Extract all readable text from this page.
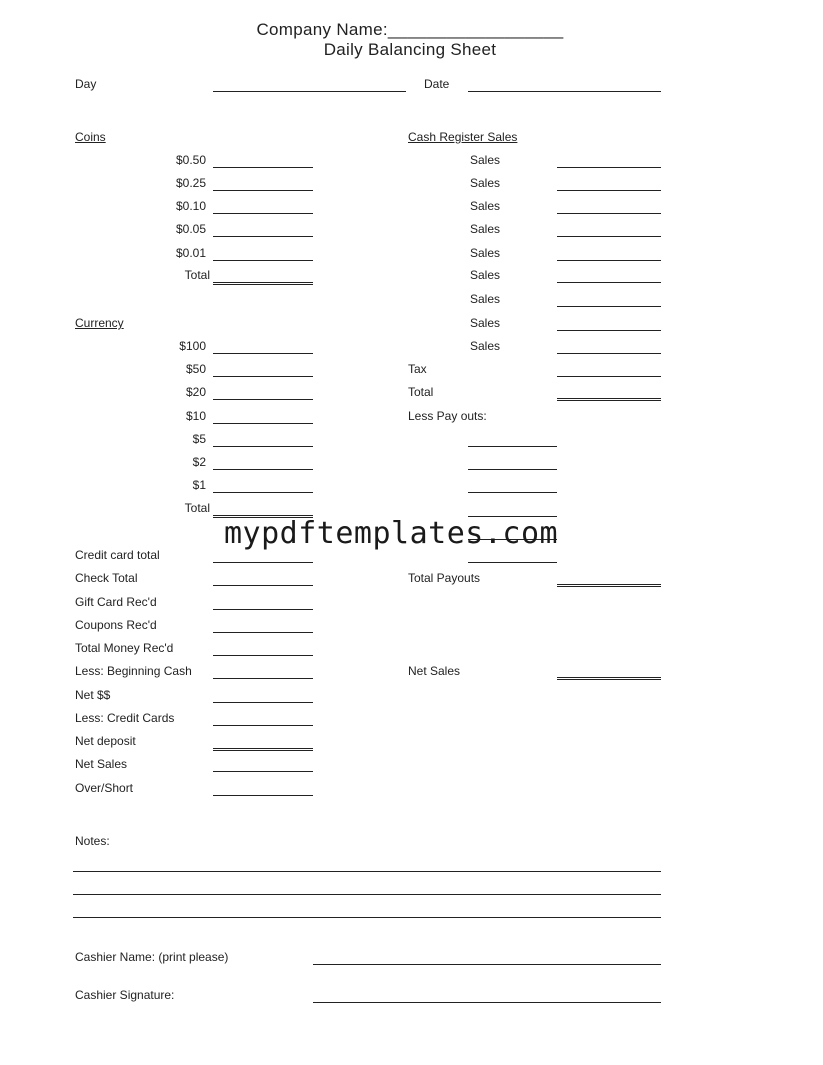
Company Name:__________________
Daily Balancing Sheet
Day	Date
Coins
$0.50
$0.25
$0.10
$0.05
$0.01
Total
Currency
$100
$50
$20
$10
$5
$2
$1
Total
Credit card total
Check Total
Gift Card Rec'd
Coupons Rec'd
Total Money Rec'd
Less: Beginning Cash
Net $$
Less: Credit Cards
Net deposit
Net Sales
Over/Short
Cash Register Sales
Sales
Sales
Sales
Sales
Sales
Sales
Sales
Sales
Sales
Tax
Total
Less Pay outs:
Total Payouts
Net Sales
mypdftemplates.com
Notes:
Cashier Name: (print please)
Cashier Signature:
